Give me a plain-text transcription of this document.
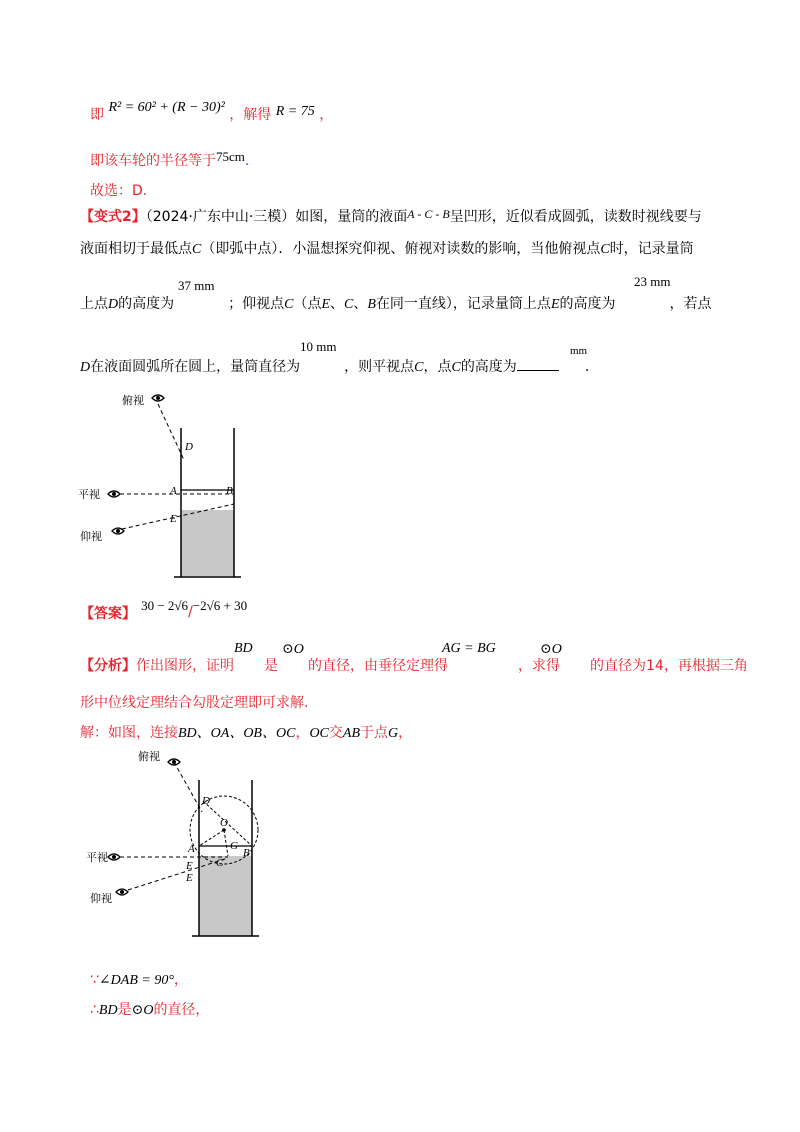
即 R² = 60² + (R − 30)² ，解得 R = 75 ，
即该车轮的半径等于75cm.
故选：D.
【变式2】（2024·广东中山·三模）如图，量筒的液面A - C - B呈凹形，近似看成圆弧，读数时视线要与
液面相切于最低点C（即弧中点）．小温想探究仰视、俯视对读数的影响，当他俯视点C时，记录量筒
37 mm	23 mm
上点D的高度为	；仰视点C（点E、C、B在同一直线），记录量筒上点E的高度为	，若点
10 mm	mm
D在液面圆弧所在圆上，量筒直径为	，则平视点C，点C的高度为	.
俯视
平视
仰视
D
A	B
E
【答案】 30 − 2√6/−2√6 + 30
BD ⊙O	AG = BG	⊙O
【分析】作出图形，证明 是 的直径，由垂径定理得	，求得 的直径为14，再根据三角
形中位线定理结合勾股定理即可求解.
解：如图，连接BD、OA、OB、OC，OC交AB于点G，
俯视
平视
仰视
D
O
A	G
B
C
E
E
∵∠DAB = 90°，
∴BD是⊙O的直径，
